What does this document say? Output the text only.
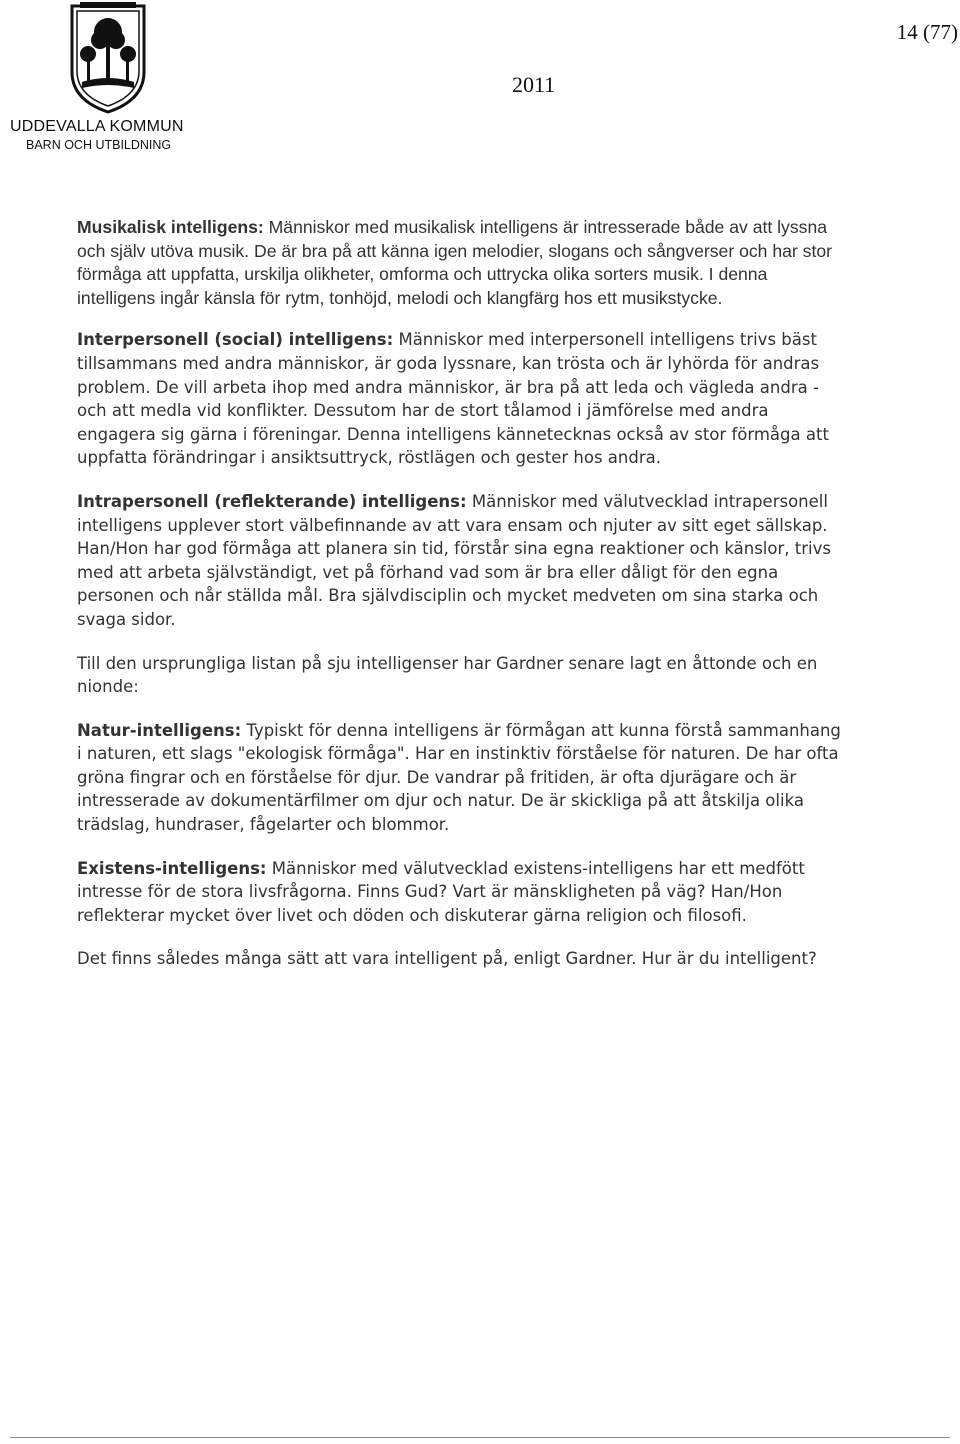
UDDEVALLA KOMMUN
BARN OCH UTBILDNING
14 (77)
2011

Musikalisk intelligens: Människor med musikalisk intelligens är intresserade både av att lyssna och själv utöva musik. De är bra på att känna igen melodier, slogans och sångverser och har stor förmåga att uppfatta, urskilja olikheter, omforma och uttrycka olika sorters musik. I denna intelligens ingår känsla för rytm, tonhöjd, melodi och klangfärg hos ett musikstycke.

Interpersonell (social) intelligens: Människor med interpersonell intelligens trivs bäst tillsammans med andra människor, är goda lyssnare, kan trösta och är lyhörda för andras problem. De vill arbeta ihop med andra människor, är bra på att leda och vägleda andra - och att medla vid konflikter. Dessutom har de stort tålamod i jämförelse med andra engagera sig gärna i föreningar. Denna intelligens kännetecknas också av stor förmåga att uppfatta förändringar i ansiktsuttryck, röstlägen och gester hos andra.

Intrapersonell (reflekterande) intelligens: Människor med välutvecklad intrapersonell intelligens upplever stort välbefinnande av att vara ensam och njuter av sitt eget sällskap. Han/Hon har god förmåga att planera sin tid, förstår sina egna reaktioner och känslor, trivs med att arbeta självständigt, vet på förhand vad som är bra eller dåligt för den egna personen och når ställda mål. Bra självdisciplin och mycket medveten om sina starka och svaga sidor.

Till den ursprungliga listan på sju intelligenser har Gardner senare lagt en åttonde och en nionde:

Natur-intelligens: Typiskt för denna intelligens är förmågan att kunna förstå sammanhang i naturen, ett slags "ekologisk förmåga". Har en instinktiv förståelse för naturen. De har ofta gröna fingrar och en förståelse för djur. De vandrar på fritiden, är ofta djurägare och är intresserade av dokumentärfilmer om djur och natur. De är skickliga på att åtskilja olika trädslag, hundraser, fågelarter och blommor.

Existens-intelligens: Människor med välutvecklad existens-intelligens har ett medfött intresse för de stora livsfrågorna. Finns Gud? Vart är mänskligheten på väg? Han/Hon reflekterar mycket över livet och döden och diskuterar gärna religion och filosofi.

Det finns således många sätt att vara intelligent på, enligt Gardner. Hur är du intelligent?
